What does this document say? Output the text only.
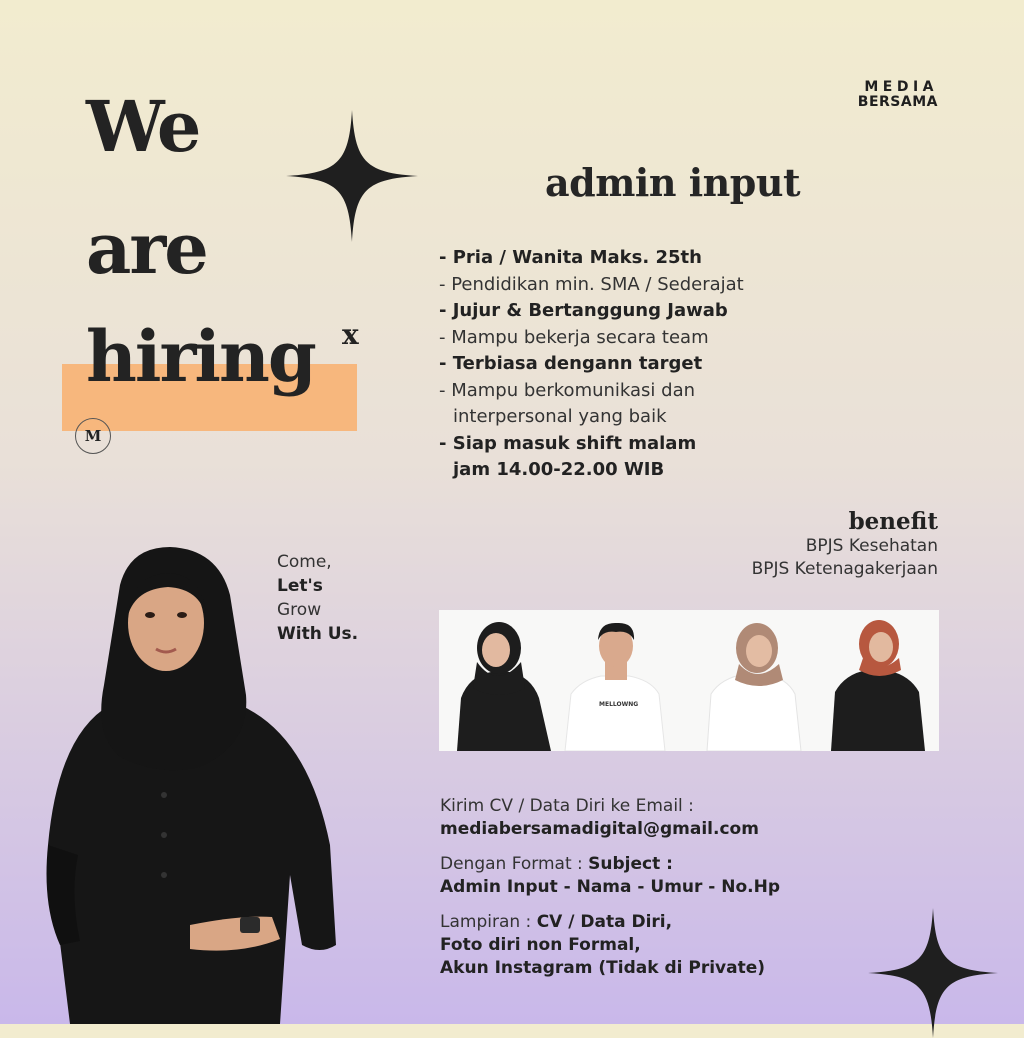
MEDIA
BERSAMA
We
are
hiring x
M
admin input
- Pria / Wanita Maks. 25th
- Pendidikan min. SMA / Sederajat
- Jujur & Bertanggung Jawab
- Mampu bekerja secara team
- Terbiasa dengann target
- Mampu berkomunikasi dan
interpersonal yang baik
- Siap masuk shift malam
jam 14.00-22.00 WIB
benefit
BPJS Kesehatan
BPJS Ketenagakerjaan
Come,
Let's
Grow
With Us.
MELLOWNG
Kirim CV / Data Diri ke Email :
mediabersamadigital@gmail.com
Dengan Format : Subject :
Admin Input - Nama - Umur - No.Hp
Lampiran : CV / Data Diri,
Foto diri non Formal,
Akun Instagram (Tidak di Private)
